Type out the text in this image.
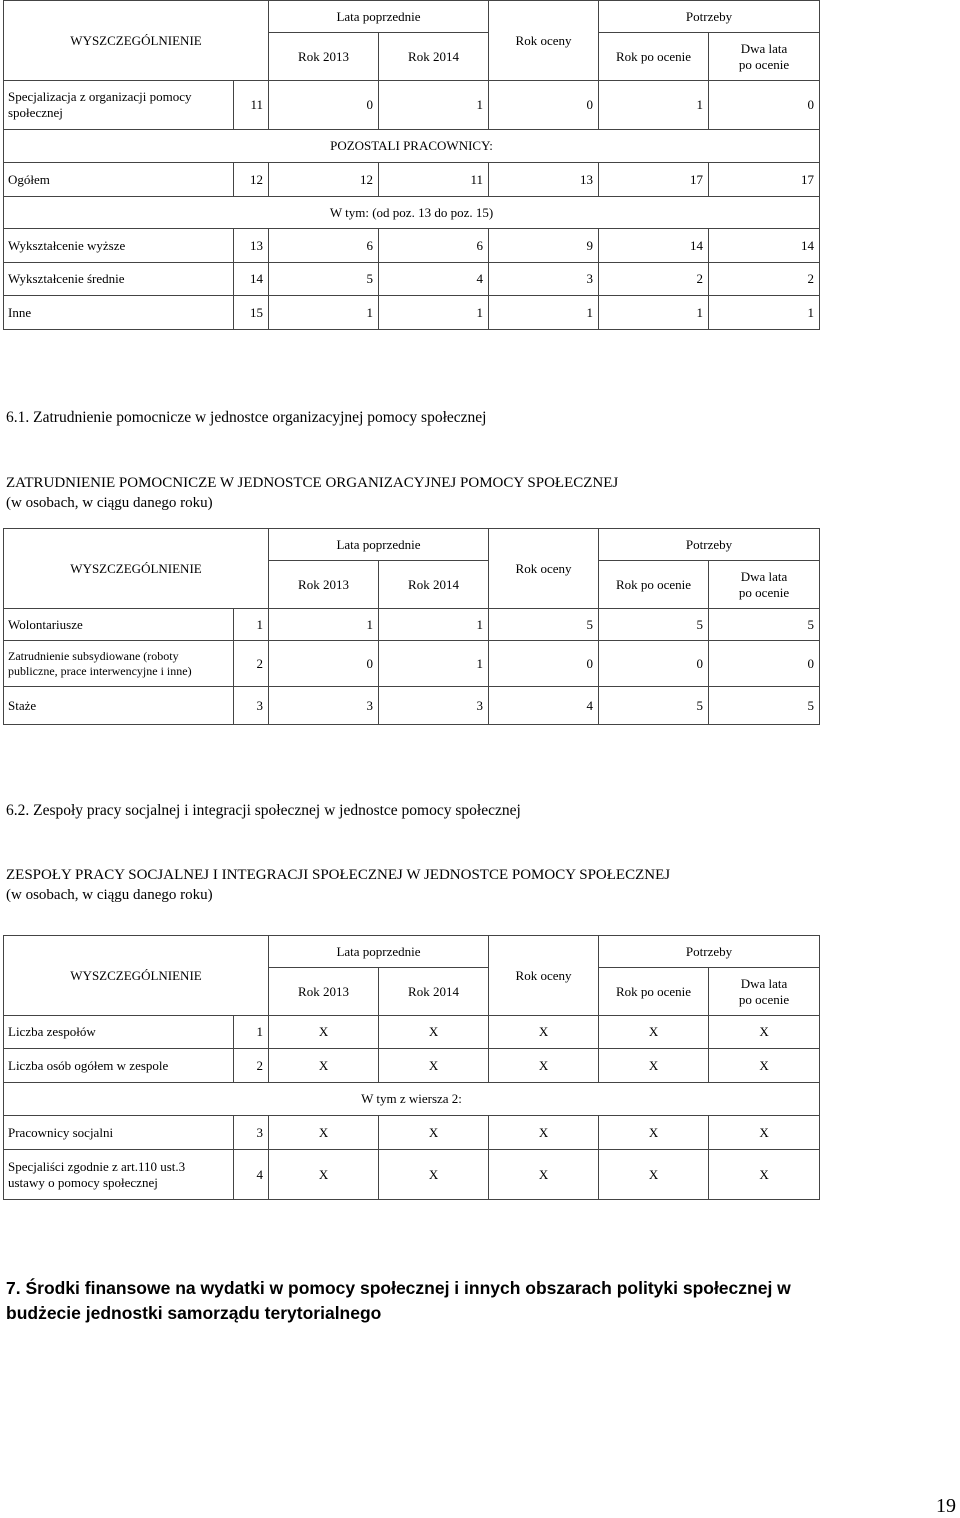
WYSZCZEGÓLNIENIE		Lata poprzednie		Rok oceny	Potrzeby	
		Rok 2013	Rok 2014		Rok po ocenie	Dwa lata
po ocenie
Specjalizacja z organizacji pomocy
społecznej	11	0	1	0	1	0
POZOSTALI PRACOWNICY:						
Ogółem	12	12	11	13	17	17
W tym: (od poz. 13 do poz. 15)						
Wykształcenie wyższe	13	6	6	9	14	14
Wykształcenie średnie	14	5	4	3	2	2
Inne	15	1	1	1	1	1
6.1. Zatrudnienie pomocnicze w jednostce organizacyjnej pomocy społecznej
ZATRUDNIENIE POMOCNICZE W JEDNOSTCE ORGANIZACYJNEJ POMOCY SPOŁECZNEJ
(w osobach, w ciągu danego roku)
WYSZCZEGÓLNIENIE		Lata poprzednie		Rok oceny	Potrzeby	
		Rok 2013	Rok 2014		Rok po ocenie	Dwa lata
po ocenie
Wolontariusze	1	1	1	5	5	5
Zatrudnienie subsydiowane (roboty
publiczne, prace interwencyjne i inne)	2	0	1	0	0	0
Staże	3	3	3	4	5	5
6.2. Zespoły pracy socjalnej i integracji społecznej w jednostce pomocy społecznej
ZESPOŁY PRACY SOCJALNEJ I INTEGRACJI SPOŁECZNEJ W JEDNOSTCE POMOCY SPOŁECZNEJ
(w osobach, w ciągu danego roku)
WYSZCZEGÓLNIENIE		Lata poprzednie		Rok oceny	Potrzeby	
		Rok 2013	Rok 2014		Rok po ocenie	Dwa lata
po ocenie
Liczba zespołów	1	X	X	X	X	X
Liczba osób ogółem w zespole	2	X	X	X	X	X
W tym z wiersza 2:						
Pracownicy socjalni	3	X	X	X	X	X
Specjaliści zgodnie z art.110 ust.3
ustawy o pomocy społecznej	4	X	X	X	X	X
7. Środki finansowe na wydatki w pomocy społecznej i innych obszarach polityki społecznej w
budżecie jednostki samorządu terytorialnego
19
